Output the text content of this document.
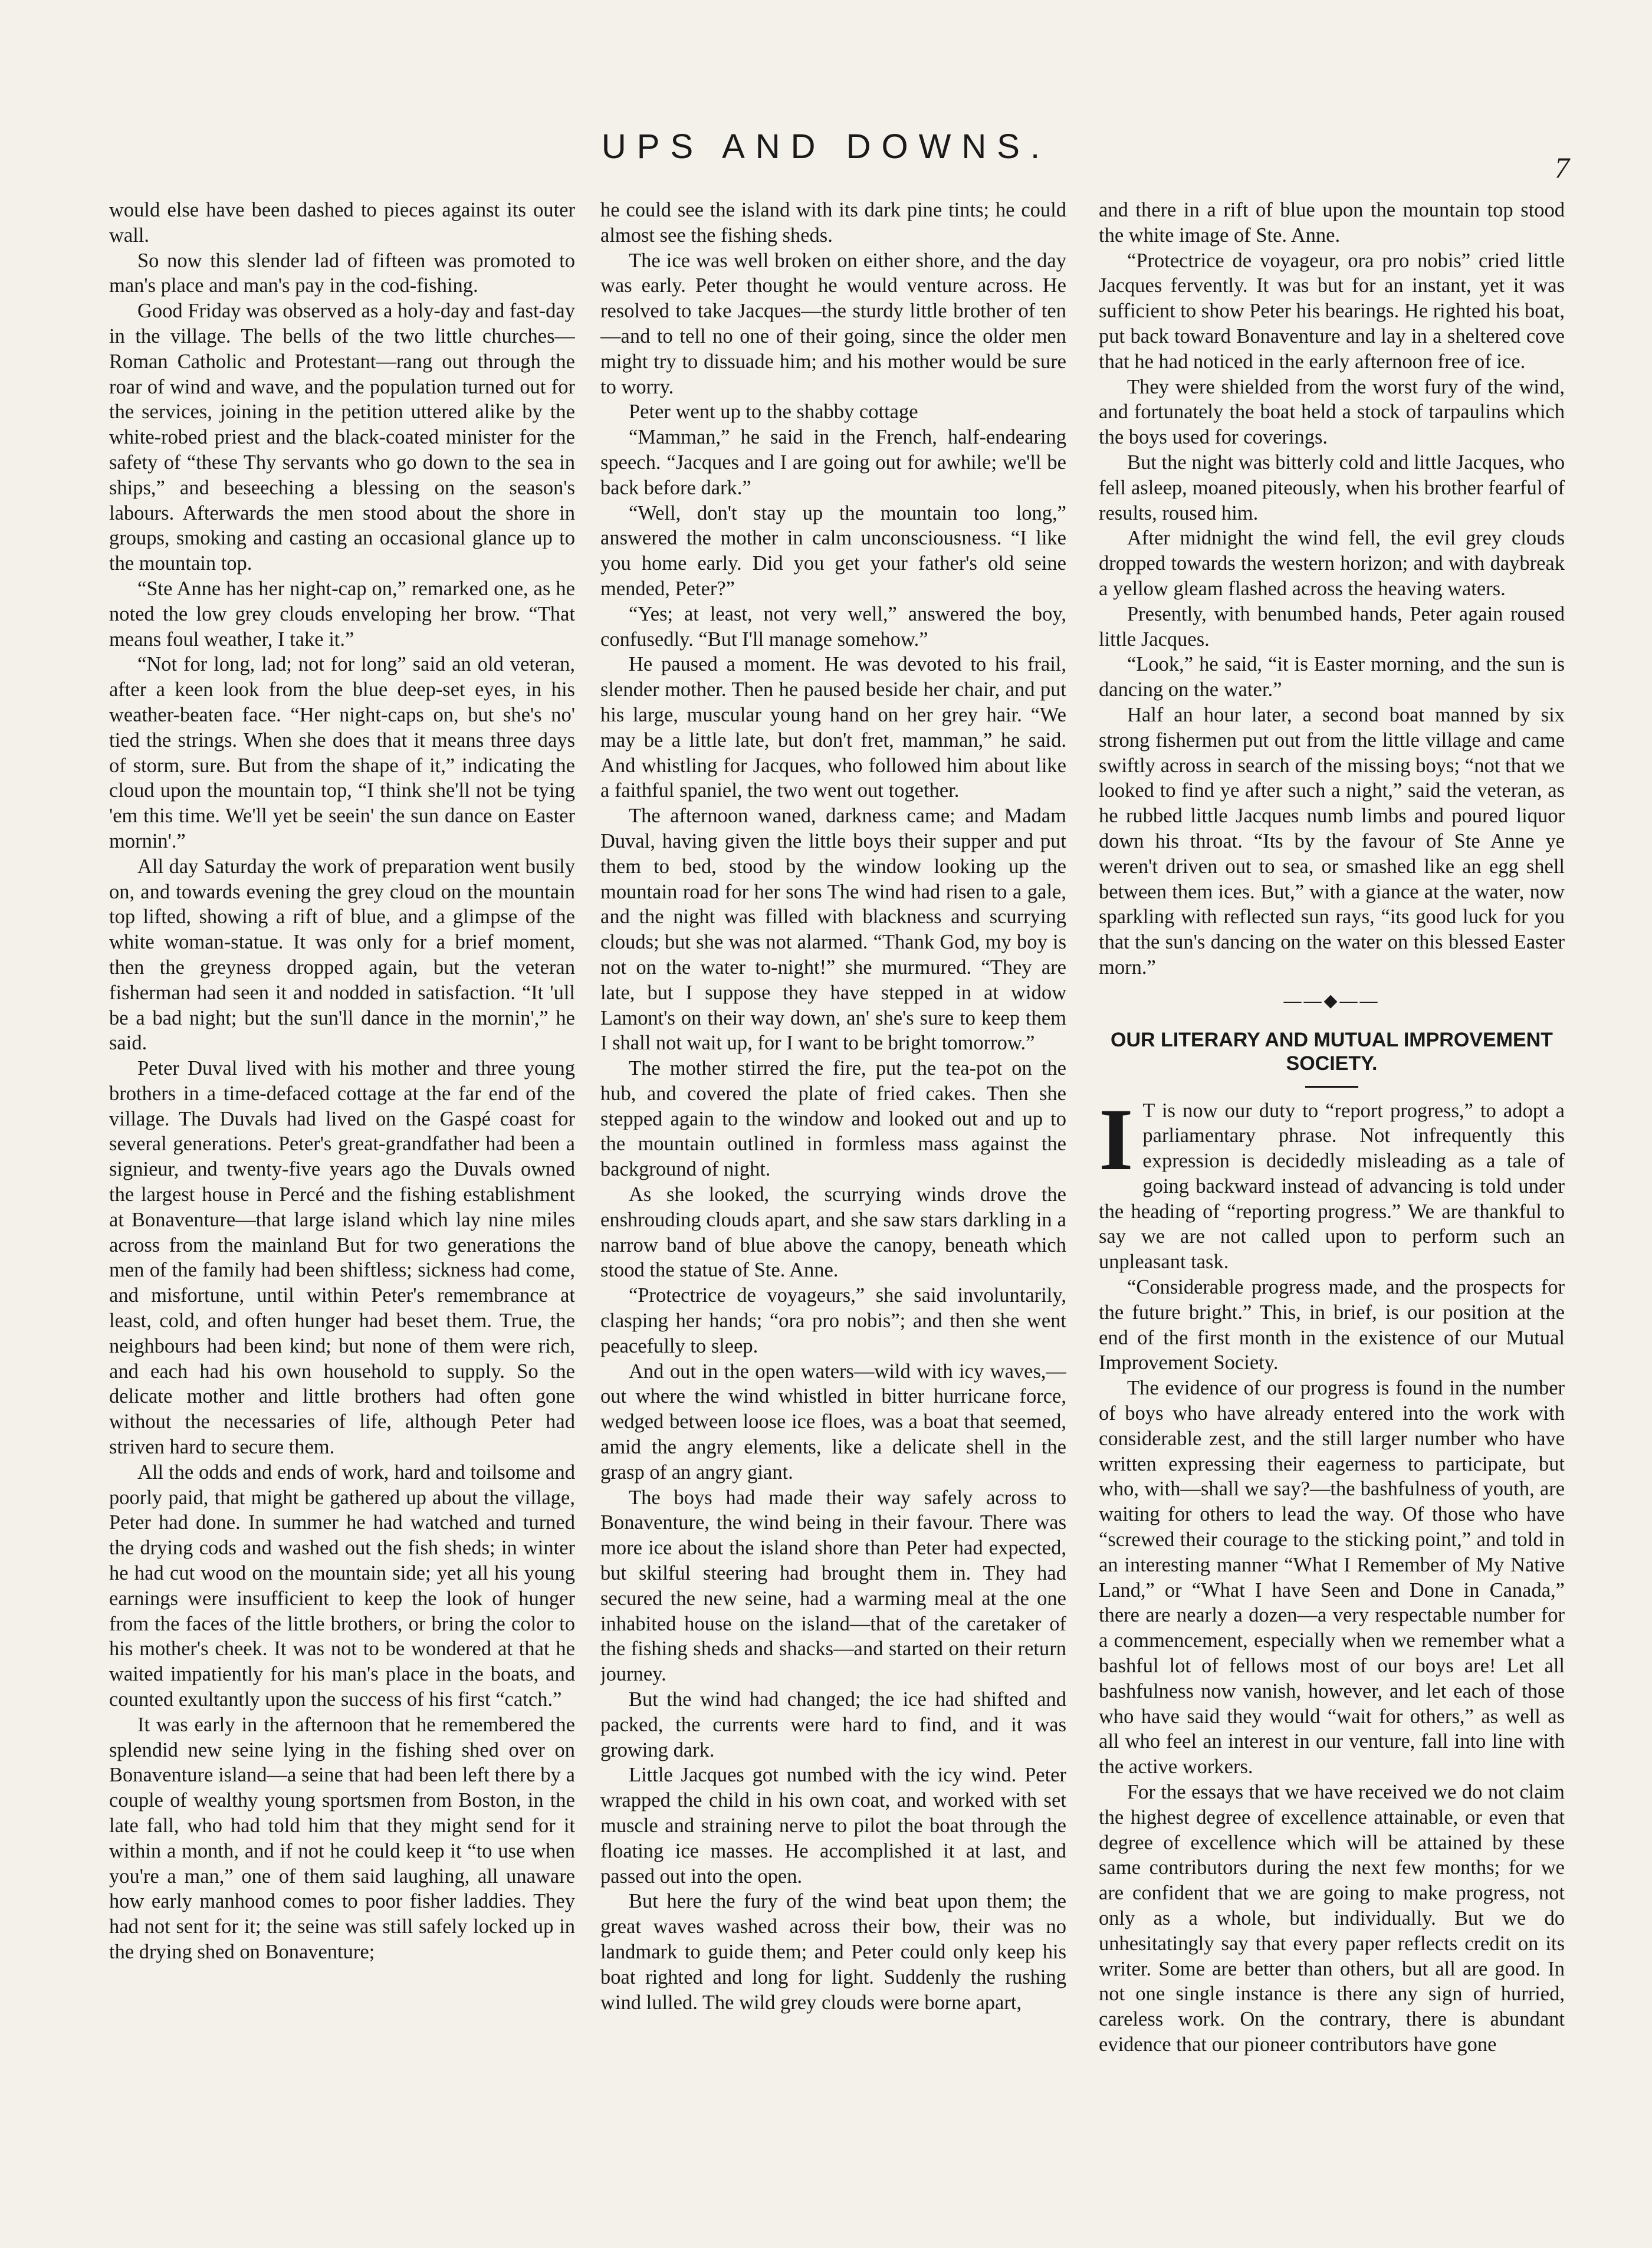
UPS AND DOWNS.
7

would else have been dashed to pieces against its outer wall.

So now this slender lad of fifteen was promoted to man's place and man's pay in the cod-fishing.

Good Friday was observed as a holy-day and fast-day in the village. The bells of the two little churches—Roman Catholic and Protestant—rang out through the roar of wind and wave, and the population turned out for the services, joining in the petition uttered alike by the white-robed priest and the black-coated minister for the safety of “these Thy servants who go down to the sea in ships,” and beseeching a blessing on the season's labours. Afterwards the men stood about the shore in groups, smoking and casting an occasional glance up to the mountain top.

“Ste Anne has her night-cap on,” remarked one, as he noted the low grey clouds enveloping her brow. “That means foul weather, I take it.”

“Not for long, lad; not for long” said an old veteran, after a keen look from the blue deep-set eyes, in his weather-beaten face. “Her night-caps on, but she's no' tied the strings. When she does that it means three days of storm, sure. But from the shape of it,” indicating the cloud upon the mountain top, “I think she'll not be tying 'em this time. We'll yet be seein' the sun dance on Easter mornin'.”

All day Saturday the work of preparation went busily on, and towards evening the grey cloud on the mountain top lifted, showing a rift of blue, and a glimpse of the white woman-statue. It was only for a brief moment, then the greyness dropped again, but the veteran fisherman had seen it and nodded in satisfaction. “It 'ull be a bad night; but the sun'll dance in the mornin',” he said.

Peter Duval lived with his mother and three young brothers in a time-defaced cottage at the far end of the village. The Duvals had lived on the Gaspé coast for several generations. Peter's great-grandfather had been a signieur, and twenty-five years ago the Duvals owned the largest house in Percé and the fishing establishment at Bonaventure—that large island which lay nine miles across from the mainland But for two generations the men of the family had been shiftless; sickness had come, and misfortune, until within Peter's remembrance at least, cold, and often hunger had beset them. True, the neighbours had been kind; but none of them were rich, and each had his own household to supply. So the delicate mother and little brothers had often gone without the necessaries of life, although Peter had striven hard to secure them.

All the odds and ends of work, hard and toilsome and poorly paid, that might be gathered up about the village, Peter had done. In summer he had watched and turned the drying cods and washed out the fish sheds; in winter he had cut wood on the mountain side; yet all his young earnings were insufficient to keep the look of hunger from the faces of the little brothers, or bring the color to his mother's cheek. It was not to be wondered at that he waited impatiently for his man's place in the boats, and counted exultantly upon the success of his first “catch.”

It was early in the afternoon that he remembered the splendid new seine lying in the fishing shed over on Bonaventure island—a seine that had been left there by a couple of wealthy young sportsmen from Boston, in the late fall, who had told him that they might send for it within a month, and if not he could keep it “to use when you're a man,” one of them said laughing, all unaware how early manhood comes to poor fisher laddies. They had not sent for it; the seine was still safely locked up in the drying shed on Bonaventure;

he could see the island with its dark pine tints; he could almost see the fishing sheds.

The ice was well broken on either shore, and the day was early. Peter thought he would venture across. He resolved to take Jacques—the sturdy little brother of ten—and to tell no one of their going, since the older men might try to dissuade him; and his mother would be sure to worry.

Peter went up to the shabby cottage

“Mamman,” he said in the French, half-endearing speech. “Jacques and I are going out for awhile; we'll be back before dark.”

“Well, don't stay up the mountain too long,” answered the mother in calm unconsciousness. “I like you home early. Did you get your father's old seine mended, Peter?”

“Yes; at least, not very well,” answered the boy, confusedly. “But I'll manage somehow.”

He paused a moment. He was devoted to his frail, slender mother. Then he paused beside her chair, and put his large, muscular young hand on her grey hair. “We may be a little late, but don't fret, mamman,” he said. And whistling for Jacques, who followed him about like a faithful spaniel, the two went out together.

The afternoon waned, darkness came; and Madam Duval, having given the little boys their supper and put them to bed, stood by the window looking up the mountain road for her sons The wind had risen to a gale, and the night was filled with blackness and scurrying clouds; but she was not alarmed. “Thank God, my boy is not on the water to-night!” she murmured. “They are late, but I suppose they have stepped in at widow Lamont's on their way down, an' she's sure to keep them I shall not wait up, for I want to be bright tomorrow.”

The mother stirred the fire, put the tea-pot on the hub, and covered the plate of fried cakes. Then she stepped again to the window and looked out and up to the mountain outlined in formless mass against the background of night.

As she looked, the scurrying winds drove the enshrouding clouds apart, and she saw stars darkling in a narrow band of blue above the canopy, beneath which stood the statue of Ste. Anne.

“Protectrice de voyageurs,” she said involuntarily, clasping her hands; “ora pro nobis”; and then she went peacefully to sleep.

And out in the open waters—wild with icy waves,—out where the wind whistled in bitter hurricane force, wedged between loose ice floes, was a boat that seemed, amid the angry elements, like a delicate shell in the grasp of an angry giant.

The boys had made their way safely across to Bonaventure, the wind being in their favour. There was more ice about the island shore than Peter had expected, but skilful steering had brought them in. They had secured the new seine, had a warming meal at the one inhabited house on the island—that of the caretaker of the fishing sheds and shacks—and started on their return journey.

But the wind had changed; the ice had shifted and packed, the currents were hard to find, and it was growing dark.

Little Jacques got numbed with the icy wind. Peter wrapped the child in his own coat, and worked with set muscle and straining nerve to pilot the boat through the floating ice masses. He accomplished it at last, and passed out into the open.

But here the fury of the wind beat upon them; the great waves washed across their bow, their was no landmark to guide them; and Peter could only keep his boat righted and long for light. Suddenly the rushing wind lulled. The wild grey clouds were borne apart,

and there in a rift of blue upon the mountain top stood the white image of Ste. Anne.

“Protectrice de voyageur, ora pro nobis” cried little Jacques fervently. It was but for an instant, yet it was sufficient to show Peter his bearings. He righted his boat, put back toward Bonaventure and lay in a sheltered cove that he had noticed in the early afternoon free of ice.

They were shielded from the worst fury of the wind, and fortunately the boat held a stock of tarpaulins which the boys used for coverings.

But the night was bitterly cold and little Jacques, who fell asleep, moaned piteously, when his brother fearful of results, roused him.

After midnight the wind fell, the evil grey clouds dropped towards the western horizon; and with daybreak a yellow gleam flashed across the heaving waters.

Presently, with benumbed hands, Peter again roused little Jacques.

“Look,” he said, “it is Easter morning, and the sun is dancing on the water.”

Half an hour later, a second boat manned by six strong fishermen put out from the little village and came swiftly across in search of the missing boys; “not that we looked to find ye after such a night,” said the veteran, as he rubbed little Jacques numb limbs and poured liquor down his throat. “Its by the favour of Ste Anne ye weren't driven out to sea, or smashed like an egg shell between them ices. But,” with a giance at the water, now sparkling with reflected sun rays, “its good luck for you that the sun's dancing on the water on this blessed Easter morn.”

——◆——
OUR LITERARY AND MUTUAL IMPROVEMENT SOCIETY.

I T is now our duty to “report progress,” to adopt a parliamentary phrase. Not infrequently this expression is decidedly misleading as a tale of going backward instead of advancing is told under the heading of “reporting progress.” We are thankful to say we are not called upon to perform such an unpleasant task.

“Considerable progress made, and the prospects for the future bright.” This, in brief, is our position at the end of the first month in the existence of our Mutual Improvement Society.

The evidence of our progress is found in the number of boys who have already entered into the work with considerable zest, and the still larger number who have written expressing their eagerness to participate, but who, with—shall we say?—the bashfulness of youth, are waiting for others to lead the way. Of those who have “screwed their courage to the sticking point,” and told in an interesting manner “What I Remember of My Native Land,” or “What I have Seen and Done in Canada,” there are nearly a dozen—a very respectable number for a commencement, especially when we remember what a bashful lot of fellows most of our boys are! Let all bashfulness now vanish, however, and let each of those who have said they would “wait for others,” as well as all who feel an interest in our venture, fall into line with the active workers.

For the essays that we have received we do not claim the highest degree of excellence attainable, or even that degree of excellence which will be attained by these same contributors during the next few months; for we are confident that we are going to make progress, not only as a whole, but individually. But we do unhesitatingly say that every paper reflects credit on its writer. Some are better than others, but all are good. In not one single instance is there any sign of hurried, careless work. On the contrary, there is abundant evidence that our pioneer contributors have gone
